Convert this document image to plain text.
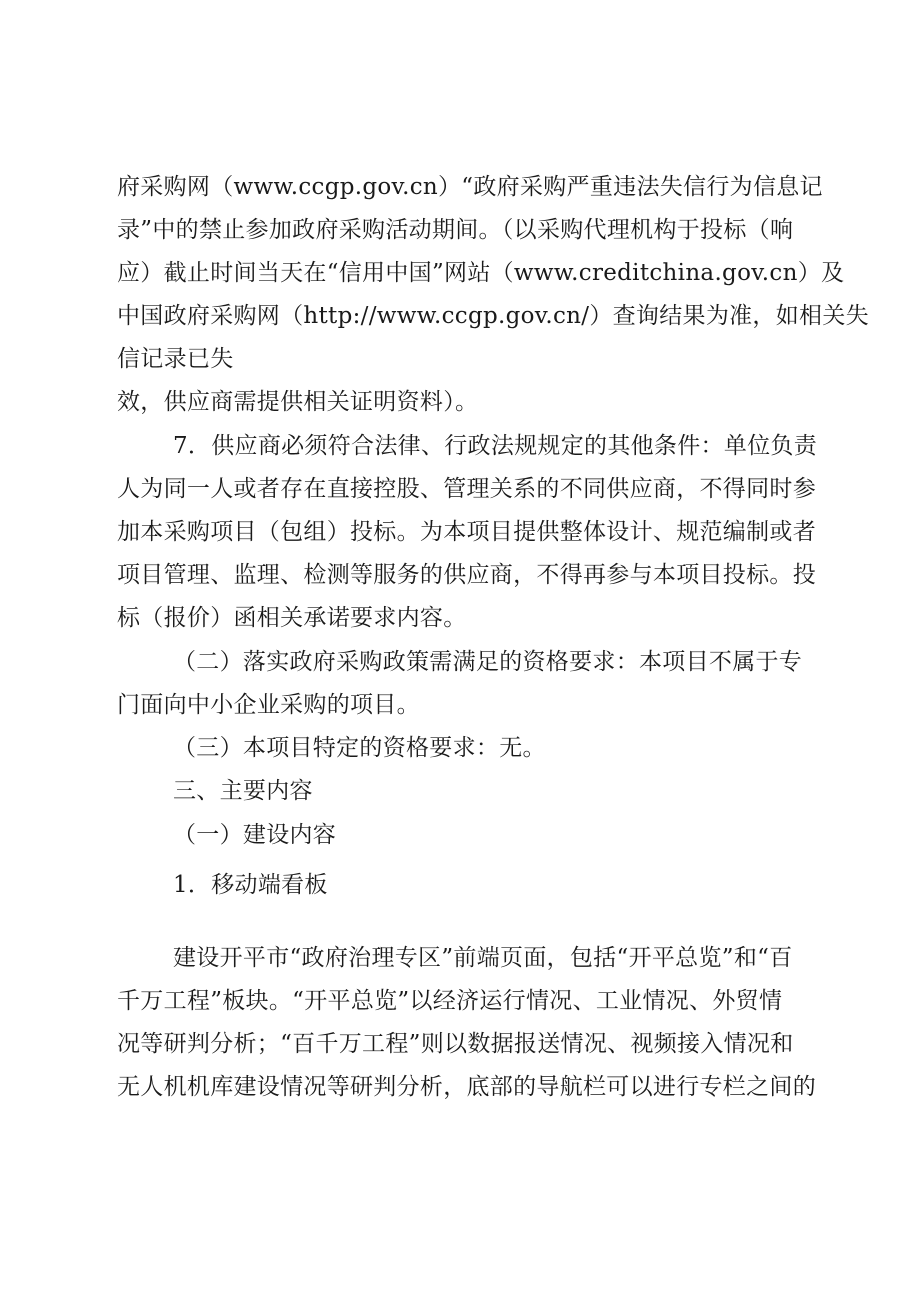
府采购网（www.ccgp.gov.cn）“政府采购严重违法失信行为信息记
录”中的禁止参加政府采购活动期间。（以采购代理机构于投标（响
应）截止时间当天在“信用中国”网站（www.creditchina.gov.cn）及
中国政府采购网（http://www.ccgp.gov.cn/）查询结果为准，如相关失
信记录已失
效，供应商需提供相关证明资料）。
7．供应商必须符合法律、行政法规规定的其他条件：单位负责
人为同一人或者存在直接控股、管理关系的不同供应商，不得同时参
加本采购项目（包组）投标。为本项目提供整体设计、规范编制或者
项目管理、监理、检测等服务的供应商，不得再参与本项目投标。投
标（报价）函相关承诺要求内容。
（二）落实政府采购政策需满足的资格要求：本项目不属于专
门面向中小企业采购的项目。
（三）本项目特定的资格要求：无。
三、主要内容
（一）建设内容
1．移动端看板
建设开平市“政府治理专区”前端页面，包括“开平总览”和“百
千万工程”板块。“开平总览”以经济运行情况、工业情况、外贸情
况等研判分析；“百千万工程”则以数据报送情况、视频接入情况和
无人机机库建设情况等研判分析，底部的导航栏可以进行专栏之间的
